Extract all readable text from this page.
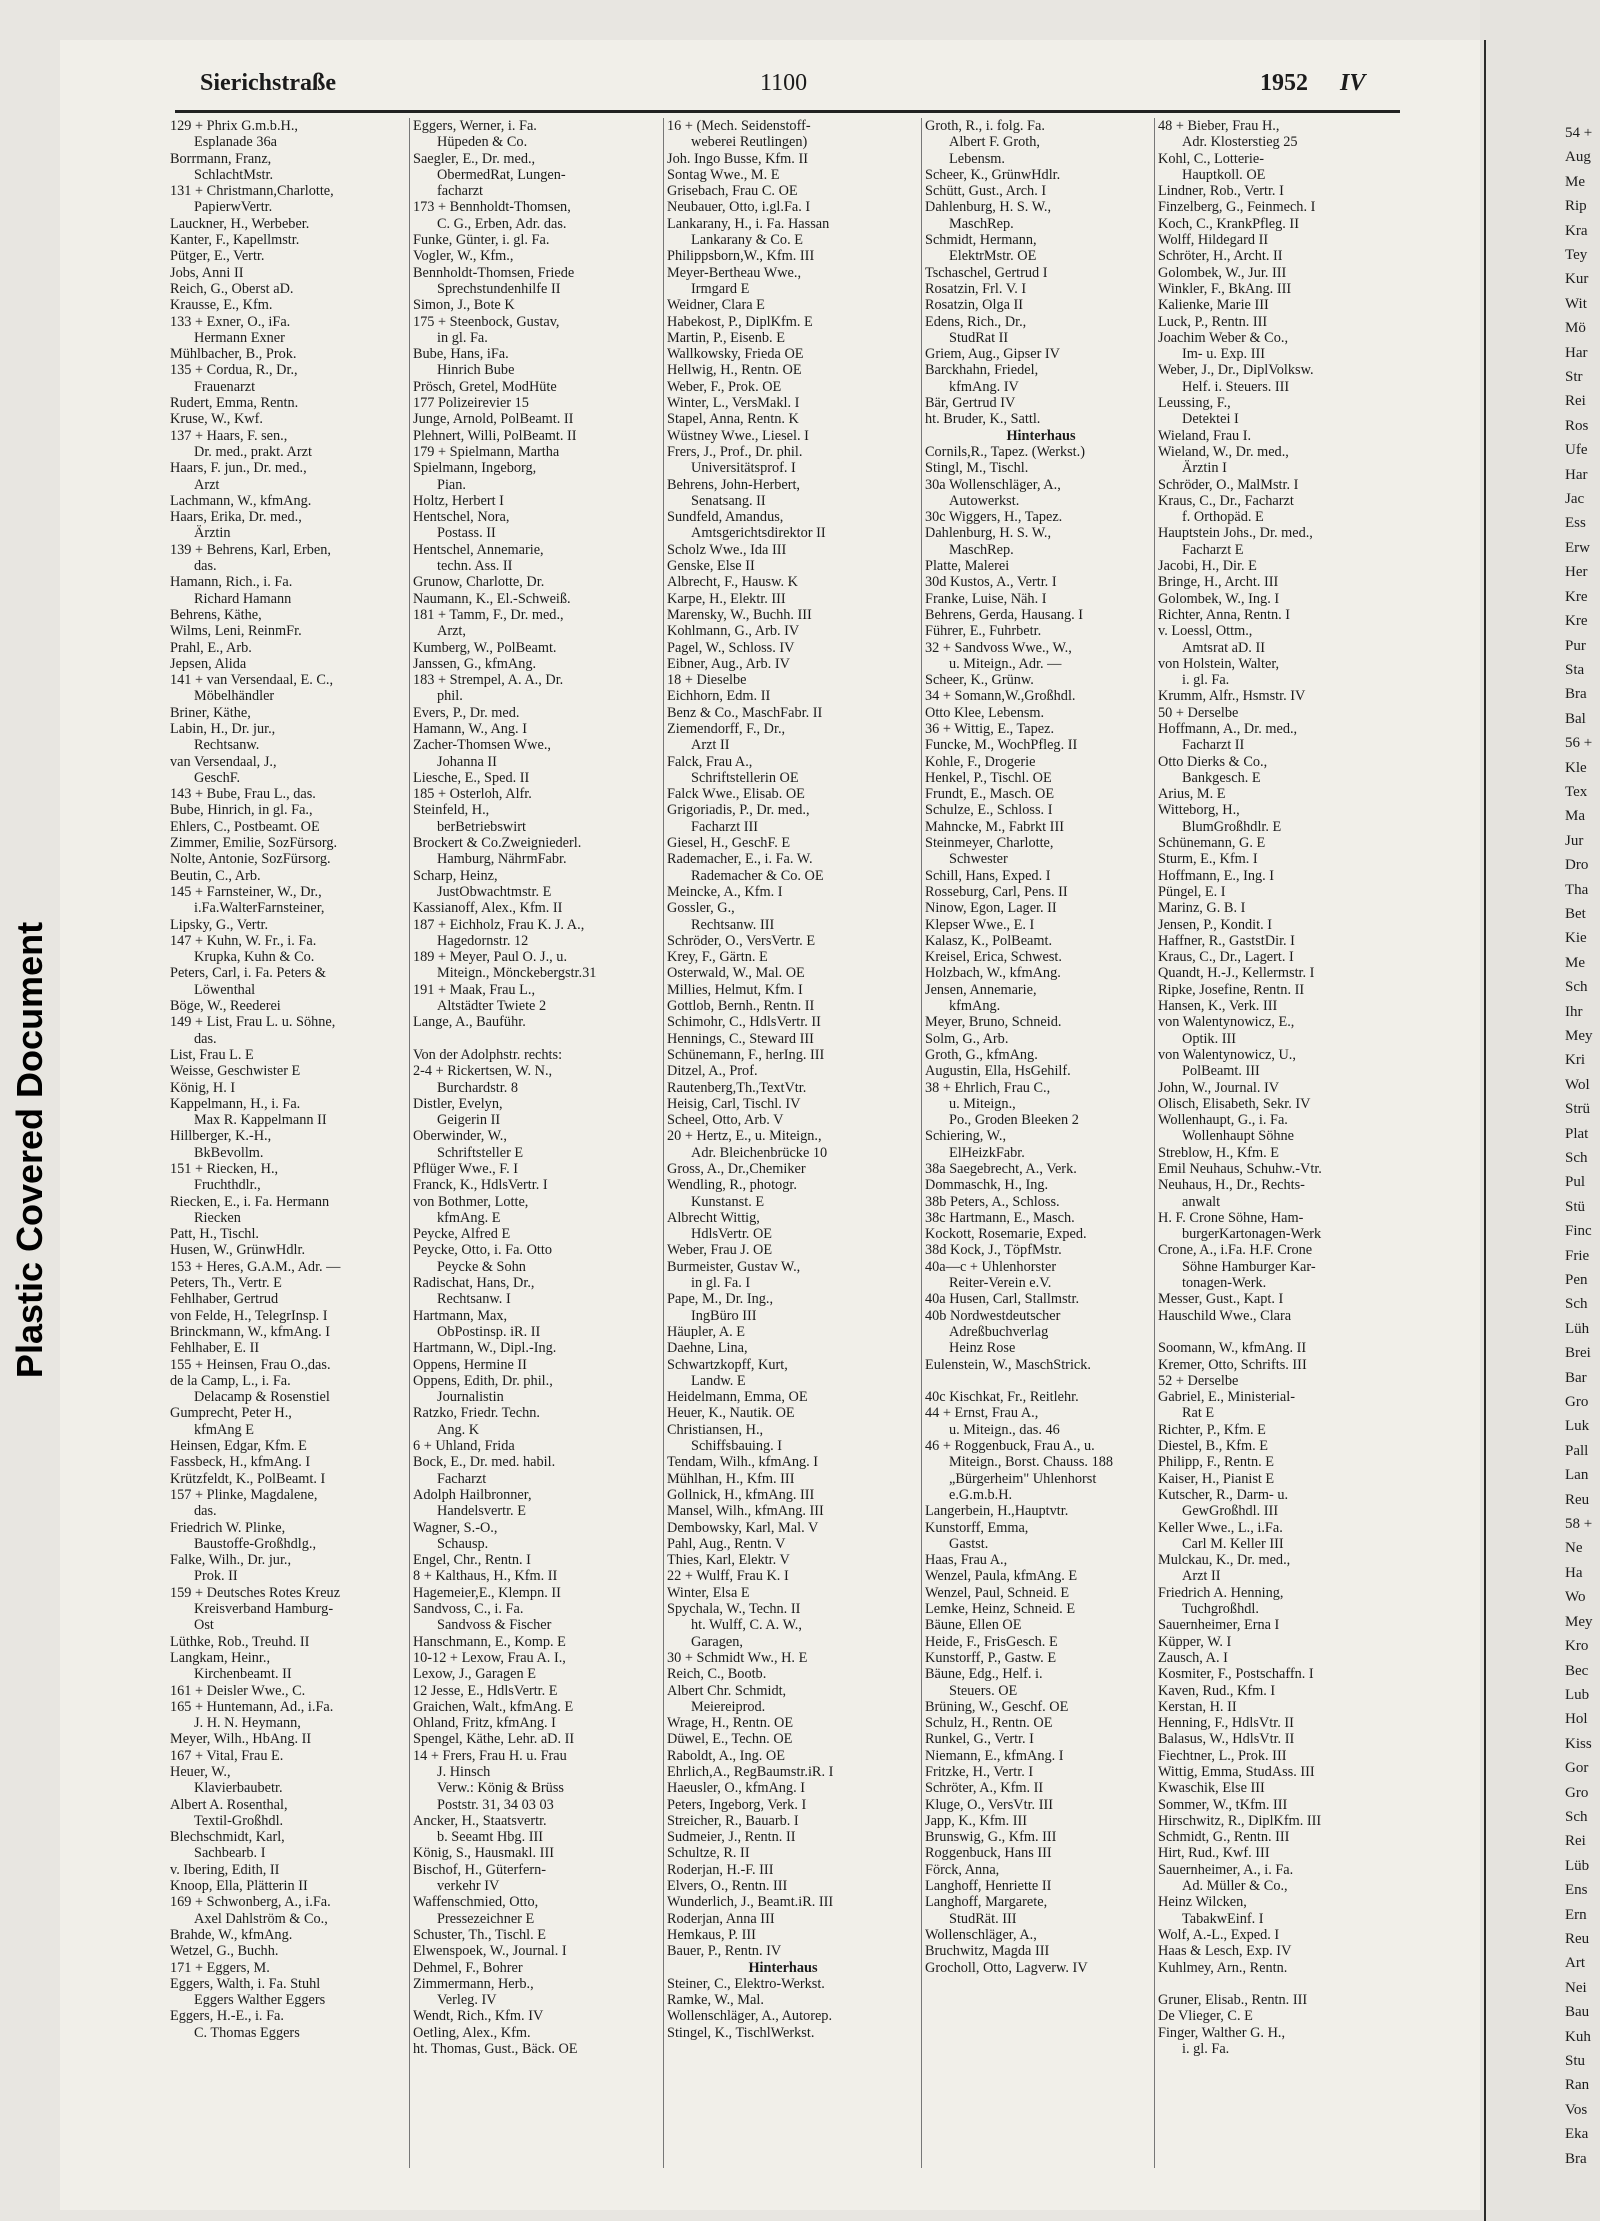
Plastic Covered Document
Sierichstraße	1100	1952 IV
129 + Phrix G.m.b.H.,
Esplanade 36a
Borrmann, Franz,
SchlachtMstr.
131 + Christmann,Charlotte,
PapierwVertr.
Lauckner, H., Werbeber.
Kanter, F., Kapellmstr.
Pütger, E., Vertr.
Jobs, Anni II
Reich, G., Oberst aD.
Krausse, E., Kfm.
133 + Exner, O., iFa.
Hermann Exner
Mühlbacher, B., Prok.
135 + Cordua, R., Dr.,
Frauenarzt
Rudert, Emma, Rentn.
Kruse, W., Kwf.
137 + Haars, F. sen.,
Dr. med., prakt. Arzt
Haars, F. jun., Dr. med.,
Arzt
Lachmann, W., kfmAng.
Haars, Erika, Dr. med.,
Ärztin
139 + Behrens, Karl, Erben,
das.
Hamann, Rich., i. Fa.
Richard Hamann
Behrens, Käthe,
Wilms, Leni, ReinmFr.
Prahl, E., Arb.
Jepsen, Alida
141 + van Versendaal, E. C.,
Möbelhändler
Briner, Käthe,
Labin, H., Dr. jur.,
Rechtsanw.
van Versendaal, J.,
GeschF.
143 + Bube, Frau L., das.
Bube, Hinrich, in gl. Fa.,
Ehlers, C., Postbeamt. OE
Zimmer, Emilie, SozFürsorg.
Nolte, Antonie, SozFürsorg.
Beutin, C., Arb.
145 + Farnsteiner, W., Dr.,
i.Fa.WalterFarnsteiner,
Lipsky, G., Vertr.
147 + Kuhn, W. Fr., i. Fa.
Krupka, Kuhn & Co.
Peters, Carl, i. Fa. Peters &
Löwenthal
Böge, W., Reederei
149 + List, Frau L. u. Söhne,
das.
List, Frau L. E
Weisse, Geschwister E
König, H. I
Kappelmann, H., i. Fa.
Max R. Kappelmann II
Hillberger, K.-H.,
BkBevollm.
151 + Riecken, H.,
Fruchthdlr.,
Riecken, E., i. Fa. Hermann
Riecken
Patt, H., Tischl.
Husen, W., GrünwHdlr.
153 + Heres, G.A.M., Adr. —
Peters, Th., Vertr. E
Fehlhaber, Gertrud
von Felde, H., TelegrInsp. I
Brinckmann, W., kfmAng. I
Fehlhaber, E. II
155 + Heinsen, Frau O.,das.
de la Camp, L., i. Fa.
Delacamp & Rosenstiel
Gumprecht, Peter H.,
kfmAng E
Heinsen, Edgar, Kfm. E
Fassbeck, H., kfmAng. I
Krützfeldt, K., PolBeamt. I
157 + Plinke, Magdalene,
das.
Friedrich W. Plinke,
Baustoffe-Großhdlg.,
Falke, Wilh., Dr. jur.,
Prok. II
159 + Deutsches Rotes Kreuz
Kreisverband Hamburg-
Ost
Lüthke, Rob., Treuhd. II
Langkam, Heinr.,
Kirchenbeamt. II
161 + Deisler Wwe., C.
165 + Huntemann, Ad., i.Fa.
J. H. N. Heymann,
Meyer, Wilh., HbAng. II
167 + Vital, Frau E.
Heuer, W.,
Klavierbaubetr.
Albert A. Rosenthal,
Textil-Großhdl.
Blechschmidt, Karl,
Sachbearb. I
v. Ibering, Edith, II
Knoop, Ella, Plätterin II
169 + Schwonberg, A., i.Fa.
Axel Dahlström & Co.,
Brahde, W., kfmAng.
Wetzel, G., Buchh.
171 + Eggers, M.
Eggers, Walth, i. Fa. Stuhl
Eggers Walther Eggers
Eggers, H.-E., i. Fa.
C. Thomas Eggers
Eggers, Werner, i. Fa.
Hüpeden & Co.
Saegler, E., Dr. med.,
ObermedRat, Lungen-
facharzt
173 + Bennholdt-Thomsen,
C. G., Erben, Adr. das.
Funke, Günter, i. gl. Fa.
Vogler, W., Kfm.,
Bennholdt-Thomsen, Friede
Sprechstundenhilfe II
Simon, J., Bote K
175 + Steenbock, Gustav,
in gl. Fa.
Bube, Hans, iFa.
Hinrich Bube
Prösch, Gretel, ModHüte
177 Polizeirevier 15
Junge, Arnold, PolBeamt. II
Plehnert, Willi, PolBeamt. II
179 + Spielmann, Martha
Spielmann, Ingeborg,
Pian.
Holtz, Herbert I
Hentschel, Nora,
Postass. II
Hentschel, Annemarie,
techn. Ass. II
Grunow, Charlotte, Dr.
Naumann, K., El.-Schweiß.
181 + Tamm, F., Dr. med.,
Arzt,
Kumberg, W., PolBeamt.
Janssen, G., kfmAng.
183 + Strempel, A. A., Dr.
phil.
Evers, P., Dr. med.
Hamann, W., Ang. I
Zacher-Thomsen Wwe.,
Johanna II
Liesche, E., Sped. II
185 + Osterloh, Alfr.
Steinfeld, H.,
berBetriebswirt
Brockert & Co.Zweigniederl.
Hamburg, NährmFabr.
Scharp, Heinz,
JustObwachtmstr. E
Kassianoff, Alex., Kfm. II
187 + Eichholz, Frau K. J. A.,
Hagedornstr. 12
189 + Meyer, Paul O. J., u.
Miteign., Mönckebergstr.31
191 + Maak, Frau L.,
Altstädter Twiete 2
Lange, A., Bauführ.
Von der Adolphstr. rechts:
2-4 + Rickertsen, W. N.,
Burchardstr. 8
Distler, Evelyn,
Geigerin II
Oberwinder, W.,
Schriftsteller E
Pflüger Wwe., F. I
Franck, K., HdlsVertr. I
von Bothmer, Lotte,
kfmAng. E
Peycke, Alfred E
Peycke, Otto, i. Fa. Otto
Peycke & Sohn
Radischat, Hans, Dr.,
Rechtsanw. I
Hartmann, Max,
ObPostinsp. iR. II
Hartmann, W., Dipl.-Ing.
Oppens, Hermine II
Oppens, Edith, Dr. phil.,
Journalistin
Ratzko, Friedr. Techn.
Ang. K
6 + Uhland, Frida
Bock, E., Dr. med. habil.
Facharzt
Adolph Hailbronner,
Handelsvertr. E
Wagner, S.-O.,
Schausp.
Engel, Chr., Rentn. I
8 + Kalthaus, H., Kfm. II
Hagemeier,E., Klempn. II
Sandvoss, C., i. Fa.
Sandvoss & Fischer
Hanschmann, E., Komp. E
10-12 + Lexow, Frau A. I.,
Lexow, J., Garagen E
12 Jesse, E., HdlsVertr. E
Graichen, Walt., kfmAng. E
Ohland, Fritz, kfmAng. I
Spengel, Käthe, Lehr. aD. II
14 + Frers, Frau H. u. Frau
J. Hinsch
Verw.: König & Brüss
Poststr. 31, 34 03 03
Ancker, H., Staatsvertr.
b. Seeamt Hbg. III
König, S., Hausmakl. III
Bischof, H., Güterfern-
verkehr IV
Waffenschmied, Otto,
Pressezeichner E
Schuster, Th., Tischl. E
Elwenspoek, W., Journal. I
Dehmel, F., Bohrer
Zimmermann, Herb.,
Verleg. IV
Wendt, Rich., Kfm. IV
Oetling, Alex., Kfm.
ht. Thomas, Gust., Bäck. OE
16 + (Mech. Seidenstoff-
weberei Reutlingen)
Joh. Ingo Busse, Kfm. II
Sontag Wwe., M. E
Grisebach, Frau C. OE
Neubauer, Otto, i.gl.Fa. I
Lankarany, H., i. Fa. Hassan
Lankarany & Co. E
Philippsborn,W., Kfm. III
Meyer-Bertheau Wwe.,
Irmgard E
Weidner, Clara E
Habekost, P., DiplKfm. E
Martin, P., Eisenb. E
Wallkowsky, Frieda OE
Hellwig, H., Rentn. OE
Weber, F., Prok. OE
Winter, L., VersMakl. I
Stapel, Anna, Rentn. K
Wüstney Wwe., Liesel. I
Frers, J., Prof., Dr. phil.
Universitätsprof. I
Behrens, John-Herbert,
Senatsang. II
Sundfeld, Amandus,
Amtsgerichtsdirektor II
Scholz Wwe., Ida III
Genske, Else II
Albrecht, F., Hausw. K
Karpe, H., Elektr. III
Marensky, W., Buchh. III
Kohlmann, G., Arb. IV
Pagel, W., Schloss. IV
Eibner, Aug., Arb. IV
18 + Dieselbe
Eichhorn, Edm. II
Benz & Co., MaschFabr. II
Ziemendorff, F., Dr.,
Arzt II
Falck, Frau A.,
Schriftstellerin OE
Falck Wwe., Elisab. OE
Grigoriadis, P., Dr. med.,
Facharzt III
Giesel, H., GeschF. E
Rademacher, E., i. Fa. W.
Rademacher & Co. OE
Meincke, A., Kfm. I
Gossler, G.,
Rechtsanw. III
Schröder, O., VersVertr. E
Krey, F., Gärtn. E
Osterwald, W., Mal. OE
Millies, Helmut, Kfm. I
Gottlob, Bernh., Rentn. II
Schimohr, C., HdlsVertr. II
Hennings, C., Steward III
Schünemann, F., herIng. III
Ditzel, A., Prof.
Rautenberg,Th.,TextVtr.
Heisig, Carl, Tischl. IV
Scheel, Otto, Arb. V
20 + Hertz, E., u. Miteign.,
Adr. Bleichenbrücke 10
Gross, A., Dr.,Chemiker
Wendling, R., photogr.
Kunstanst. E
Albrecht Wittig,
HdlsVertr. OE
Weber, Frau J. OE
Burmeister, Gustav W.,
in gl. Fa. I
Pape, M., Dr. Ing.,
IngBüro III
Häupler, A. E
Daehne, Lina,
Schwartzkopff, Kurt,
Landw. E
Heidelmann, Emma, OE
Heuer, K., Nautik. OE
Christiansen, H.,
Schiffsbauing. I
Tendam, Wilh., kfmAng. I
Mühlhan, H., Kfm. III
Gollnick, H., kfmAng. III
Mansel, Wilh., kfmAng. III
Dembowsky, Karl, Mal. V
Pahl, Aug., Rentn. V
Thies, Karl, Elektr. V
22 + Wulff, Frau K. I
Winter, Elsa E
Spychala, W., Techn. II
ht. Wulff, C. A. W.,
Garagen,
30 + Schmidt Ww., H. E
Reich, C., Bootb.
Albert Chr. Schmidt,
Meiereiprod.
Wrage, H., Rentn. OE
Düwel, E., Techn. OE
Raboldt, A., Ing. OE
Ehrlich,A., RegBaumstr.iR. I
Haeusler, O., kfmAng. I
Peters, Ingeborg, Verk. I
Streicher, R., Bauarb. I
Sudmeier, J., Rentn. II
Schultze, R. II
Roderjan, H.-F. III
Elvers, O., Rentn. III
Wunderlich, J., Beamt.iR. III
Roderjan, Anna III
Hemkaus, P. III
Bauer, P., Rentn. IV
Hinterhaus
Steiner, C., Elektro-Werkst.
Ramke, W., Mal.
Wollenschläger, A., Autorep.
Stingel, K., TischlWerkst.
Groth, R., i. folg. Fa.
Albert F. Groth,
Lebensm.
Scheer, K., GrünwHdlr.
Schütt, Gust., Arch. I
Dahlenburg, H. S. W.,
MaschRep.
Schmidt, Hermann,
ElektrMstr. OE
Tschaschel, Gertrud I
Rosatzin, Frl. V. I
Rosatzin, Olga II
Edens, Rich., Dr.,
StudRat II
Griem, Aug., Gipser IV
Barckhahn, Friedel,
kfmAng. IV
Bär, Gertrud IV
ht. Bruder, K., Sattl.
Hinterhaus
Cornils,R., Tapez. (Werkst.)
Stingl, M., Tischl.
30a Wollenschläger, A.,
Autowerkst.
30c Wiggers, H., Tapez.
Dahlenburg, H. S. W.,
MaschRep.
Platte, Malerei
30d Kustos, A., Vertr. I
Franke, Luise, Näh. I
Behrens, Gerda, Hausang. I
Führer, E., Fuhrbetr.
32 + Sandvoss Wwe., W.,
u. Miteign., Adr. —
Scheer, K., Grünw.
34 + Somann,W.,Großhdl.
Otto Klee, Lebensm.
36 + Wittig, E., Tapez.
Funcke, M., WochPfleg. II
Kohle, F., Drogerie
Henkel, P., Tischl. OE
Frundt, E., Masch. OE
Schulze, E., Schloss. I
Mahncke, M., Fabrkt III
Steinmeyer, Charlotte,
Schwester
Schill, Hans, Exped. I
Rosseburg, Carl, Pens. II
Ninow, Egon, Lager. II
Klepser Wwe., E. I
Kalasz, K., PolBeamt.
Kreisel, Erica, Schwest.
Holzbach, W., kfmAng.
Jensen, Annemarie,
kfmAng.
Meyer, Bruno, Schneid.
Solm, G., Arb.
Groth, G., kfmAng.
Augustin, Ella, HsGehilf.
38 + Ehrlich, Frau C.,
u. Miteign.,
Po., Groden Bleeken 2
Schiering, W.,
ElHeizkFabr.
38a Saegebrecht, A., Verk.
Dommaschk, H., Ing.
38b Peters, A., Schloss.
38c Hartmann, E., Masch.
Kockott, Rosemarie, Exped.
38d Kock, J., TöpfMstr.
40a—c + Uhlenhorster
Reiter-Verein e.V.
40a Husen, Carl, Stallmstr.
40b Nordwestdeutscher
Adreßbuchverlag
Heinz Rose
Eulenstein, W., MaschStrick.
40c Kischkat, Fr., Reitlehr.
44 + Ernst, Frau A.,
u. Miteign., das. 46
46 + Roggenbuck, Frau A., u.
Miteign., Borst. Chauss. 188
„Bürgerheim" Uhlenhorst
e.G.m.b.H.
Langerbein, H.,Hauptvtr.
Kunstorff, Emma,
Gastst.
Haas, Frau A.,
Wenzel, Paula, kfmAng. E
Wenzel, Paul, Schneid. E
Lemke, Heinz, Schneid. E
Bäune, Ellen OE
Heide, F., FrisGesch. E
Kunstorff, P., Gastw. E
Bäune, Edg., Helf. i.
Steuers. OE
Brüning, W., Geschf. OE
Schulz, H., Rentn. OE
Runkel, G., Vertr. I
Niemann, E., kfmAng. I
Fritzke, H., Vertr. I
Schröter, A., Kfm. II
Kluge, O., VersVtr. III
Japp, K., Kfm. III
Brunswig, G., Kfm. III
Roggenbuck, Hans III
Förck, Anna,
Langhoff, Henriette II
Langhoff, Margarete,
StudRät. III
Wollenschläger, A.,
Bruchwitz, Magda III
Grocholl, Otto, Lagverw. IV
48 + Bieber, Frau H.,
Adr. Klosterstieg 25
Kohl, C., Lotterie-
Hauptkoll. OE
Lindner, Rob., Vertr. I
Finzelberg, G., Feinmech. I
Koch, C., KrankPfleg. II
Wolff, Hildegard II
Schröter, H., Archt. II
Golombek, W., Jur. III
Winkler, F., BkAng. III
Kalienke, Marie III
Luck, P., Rentn. III
Joachim Weber & Co.,
Im- u. Exp. III
Weber, J., Dr., DiplVolksw.
Helf. i. Steuers. III
Leussing, F.,
Detektei I
Wieland, Frau I.
Wieland, W., Dr. med.,
Ärztin I
Schröder, O., MalMstr. I
Kraus, C., Dr., Facharzt
f. Orthopäd. E
Hauptstein Johs., Dr. med.,
Facharzt E
Jacobi, H., Dir. E
Bringe, H., Archt. III
Golombek, W., Ing. I
Richter, Anna, Rentn. I
v. Loessl, Ottm.,
Amtsrat aD. II
von Holstein, Walter,
i. gl. Fa.
Krumm, Alfr., Hsmstr. IV
50 + Derselbe
Hoffmann, A., Dr. med.,
Facharzt II
Otto Dierks & Co.,
Bankgesch. E
Arius, M. E
Witteborg, H.,
BlumGroßhdlr. E
Schünemann, G. E
Sturm, E., Kfm. I
Hoffmann, E., Ing. I
Püngel, E. I
Marinz, G. B. I
Jensen, P., Kondit. I
Haffner, R., GaststDir. I
Kraus, C., Dr., Lagert. I
Quandt, H.-J., Kellermstr. I
Ripke, Josefine, Rentn. II
Hansen, K., Verk. III
von Walentynowicz, E.,
Optik. III
von Walentynowicz, U.,
PolBeamt. III
John, W., Journal. IV
Olisch, Elisabeth, Sekr. IV
Wollenhaupt, G., i. Fa.
Wollenhaupt Söhne
Streblow, H., Kfm. E
Emil Neuhaus, Schuhw.-Vtr.
Neuhaus, H., Dr., Rechts-
anwalt
H. F. Crone Söhne, Ham-
burgerKartonagen-Werk
Crone, A., i.Fa. H.F. Crone
Söhne Hamburger Kar-
tonagen-Werk.
Messer, Gust., Kapt. I
Hauschild Wwe., Clara
Soomann, W., kfmAng. II
Kremer, Otto, Schrifts. III
52 + Derselbe
Gabriel, E., Ministerial-
Rat E
Richter, P., Kfm. E
Diestel, B., Kfm. E
Philipp, F., Rentn. E
Kaiser, H., Pianist E
Kutscher, R., Darm- u.
GewGroßhdl. III
Keller Wwe., L., i.Fa.
Carl M. Keller III
Mulckau, K., Dr. med.,
Arzt II
Friedrich A. Henning,
Tuchgroßhdl.
Sauernheimer, Erna I
Küpper, W. I
Zausch, A. I
Kosmiter, F., Postschaffn. I
Kaven, Rud., Kfm. I
Kerstan, H. II
Henning, F., HdlsVtr. II
Balasus, W., HdlsVtr. II
Fiechtner, L., Prok. III
Wittig, Emma, StudAss. III
Kwaschik, Else III
Sommer, W., tKfm. III
Hirschwitz, R., DiplKfm. III
Schmidt, G., Rentn. III
Hirt, Rud., Kwf. III
Sauernheimer, A., i. Fa.
Ad. Müller & Co.,
Heinz Wilcken,
TabakwEinf. I
Wolf, A.-L., Exped. I
Haas & Lesch, Exp. IV
Kuhlmey, Arn., Rentn.
Gruner, Elisab., Rentn. III
De Vlieger, C. E
Finger, Walther G. H.,
i. gl. Fa.
54 +
Aug
Me
Rip
Kra
Tey
Kur
Wit
Mö
Har
Str
Rei
Ros
Ufe
Har
Jac
Ess
Erw
Her
Kre
Kre
Pur
Sta
Bra
Bal
56 +
Kle
Tex
Ma
Jur
Dro
Tha
Bet
Kie
Me
Sch
Ihr
Mey
Kri
Wol
Strü
Plat
Sch
Pul
Stü
Finc
Frie
Pen
Sch
Lüh
Brei
Bar
Gro
Luk
Pall
Lan
Reu
58 +
Ne
Ha
Wo
Mey
Kro
Bec
Lub
Hol
Kiss
Gor
Gro
Sch
Rei
Lüb
Ens
Ern
Reu
Art
Nei
Bau
Kuh
Stu
Ran
Vos
Eka
Bra
